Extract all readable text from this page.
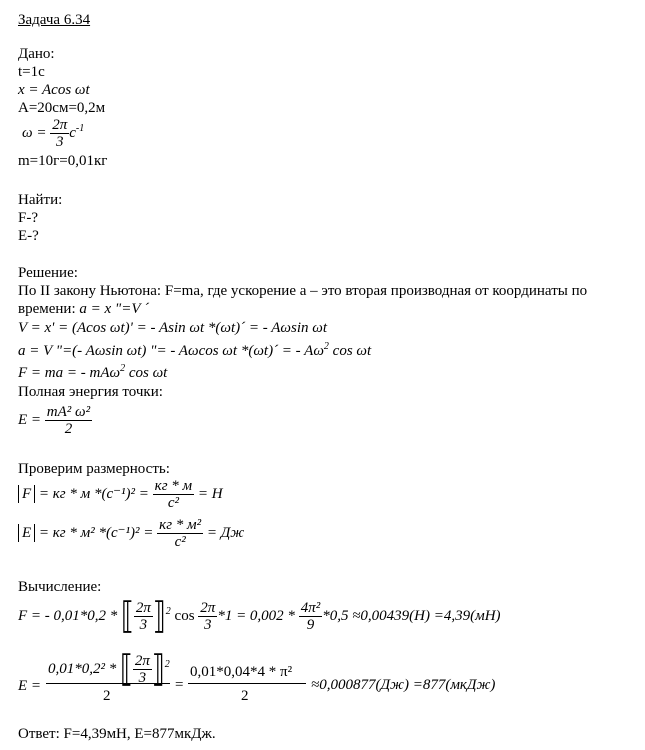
Задача 6.34
Дано:
t=1c
x = Acos ωt
А=20см=0,2м
$\omega = \frac{2\pi}{3} c^{-1}$
m=10г=0,01кг
Найти:
F-?
E-?
Решение:
По II закону Ньютона: F=ma, где ускорение а – это вторая производная от координаты по
времени: a = x ʺ=V ´
V = xʹ = (Acos ωt)ʹ = - Asin ωt *(ωt)´ = - Aωsin ωt
a = V ʺ=(- Aωsin ωt) ʺ= - Aωcos ωt *(ωt)´ = - $A\omega^2$ cos ωt
F = ma = - mAω$^2$ cos ωt
Полная энергия точки:
$E = \frac{\text{mA² ω²}}{2}$
Проверим размерность:
F = кг * м $*(c^{-1})^2 = \frac{кг * м}{\text{c²}} = H$
E = кг * м² $*(c^{-1})^2 = \frac{\text{кг * м²}}{\text{c²}}$ = Дж
Вычисление:
F = - 0,01*0,2 * ⟦ $\frac{2\pi}{3}$ ⟧$^2$ $\cos \frac{2\pi}{3} *1 = 0,002 * \frac{\text{4π²}}{9} *0,5 \approx 0,00439(Н) =4,39(мН)$
E =
0,01*0,2² * ⟦ $\frac{2\pi}{3}$ ⟧$^2$
2
=
0,01*0,04*4 * π²
2
≈0,000877(Дж) =877(мкДж)
Ответ: F=4,39мН, Е=877мкДж.
